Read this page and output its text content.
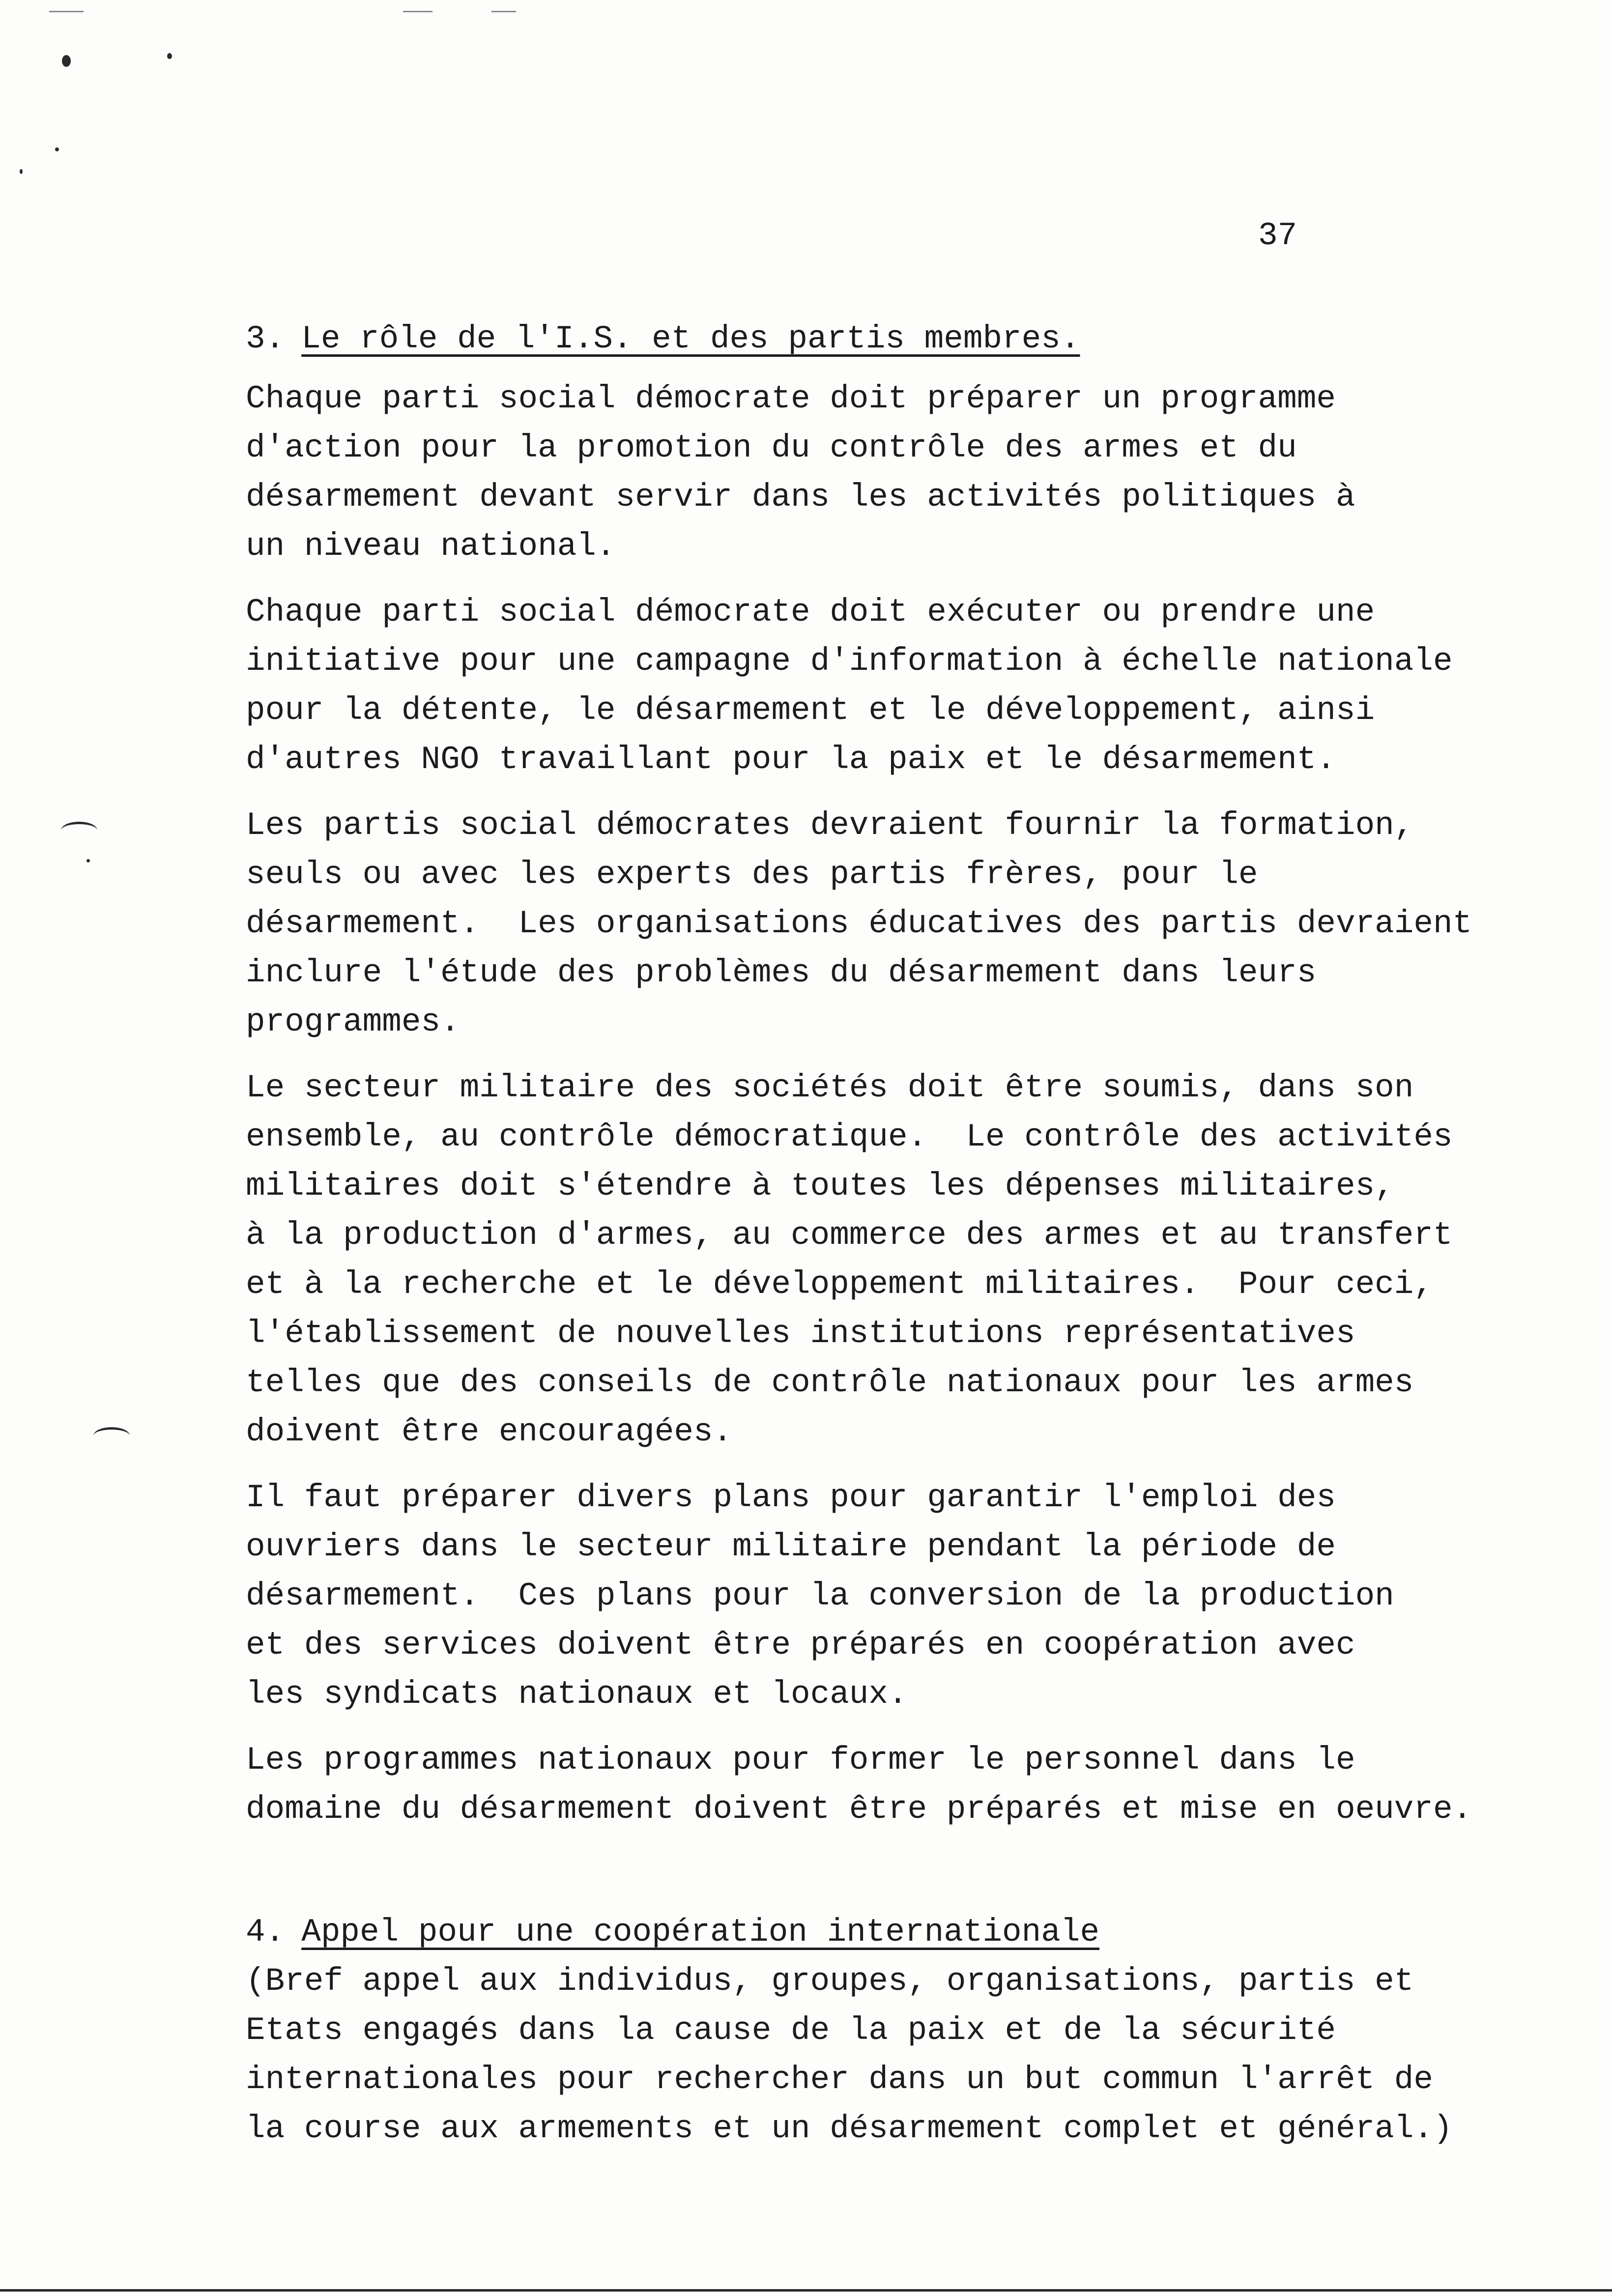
37
3. Le rôle de l'I.S. et des partis membres.

Chaque parti social démocrate doit préparer un programme
d'action pour la promotion du contrôle des armes et du
désarmement devant servir dans les activités politiques à
un niveau national.

Chaque parti social démocrate doit exécuter ou prendre une
initiative pour une campagne d'information à échelle nationale
pour la détente, le désarmement et le développement, ainsi
d'autres NGO travaillant pour la paix et le désarmement.

Les partis social démocrates devraient fournir la formation,
seuls ou avec les experts des partis frères, pour le
désarmement.  Les organisations éducatives des partis devraient
inclure l'étude des problèmes du désarmement dans leurs
programmes.

Le secteur militaire des sociétés doit être soumis, dans son
ensemble, au contrôle démocratique.  Le contrôle des activités
militaires doit s'étendre à toutes les dépenses militaires,
à la production d'armes, au commerce des armes et au transfert
et à la recherche et le développement militaires.  Pour ceci,
l'établissement de nouvelles institutions représentatives
telles que des conseils de contrôle nationaux pour les armes
doivent être encouragées.

Il faut préparer divers plans pour garantir l'emploi des
ouvriers dans le secteur militaire pendant la période de
désarmement.  Ces plans pour la conversion de la production
et des services doivent être préparés en coopération avec
les syndicats nationaux et locaux.

Les programmes nationaux pour former le personnel dans le
domaine du désarmement doivent être préparés et mise en oeuvre.

4. Appel pour une coopération internationale

(Bref appel aux individus, groupes, organisations, partis et
Etats engagés dans la cause de la paix et de la sécurité
internationales pour rechercher dans un but commun l'arrêt de
la course aux armements et un désarmement complet et général.)
